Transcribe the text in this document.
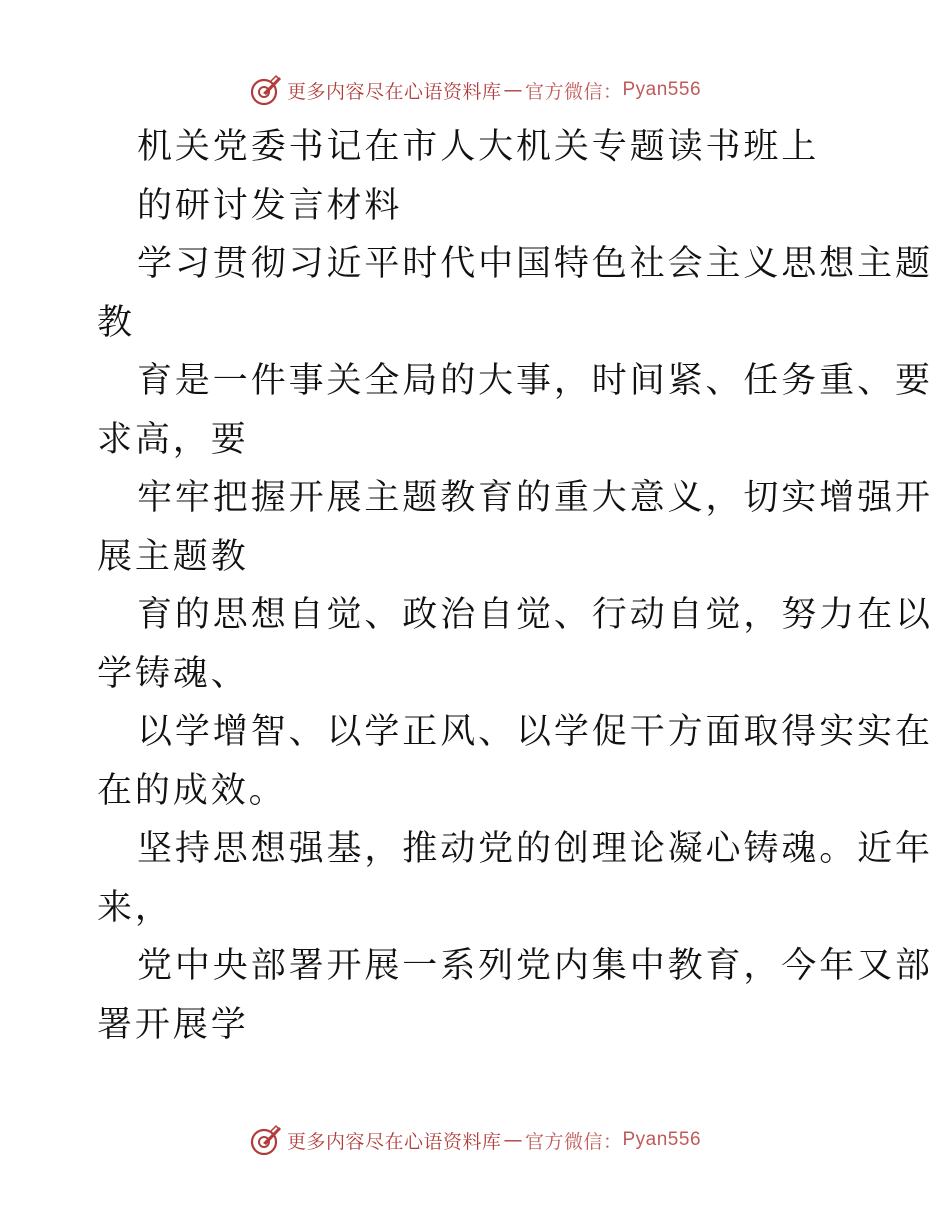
更多内容尽在心语资料库 — 官方微信： Pyan556
机关党委书记在市人大机关专题读书班上
的研讨发言材料
学习贯彻习近平时代中国特色社会主义思想主题
教
育是一件事关全局的大事，时间紧、任务重、要
求高，要
牢牢把握开展主题教育的重大意义，切实增强开
展主题教
育的思想自觉、政治自觉、行动自觉，努力在以
学铸魂、
以学增智、以学正风、以学促干方面取得实实在
在的成效。
坚持思想强基，推动党的创理论凝心铸魂。近年
来，
党中央部署开展一系列党内集中教育，今年又部
署开展学
更多内容尽在心语资料库 — 官方微信： Pyan556
